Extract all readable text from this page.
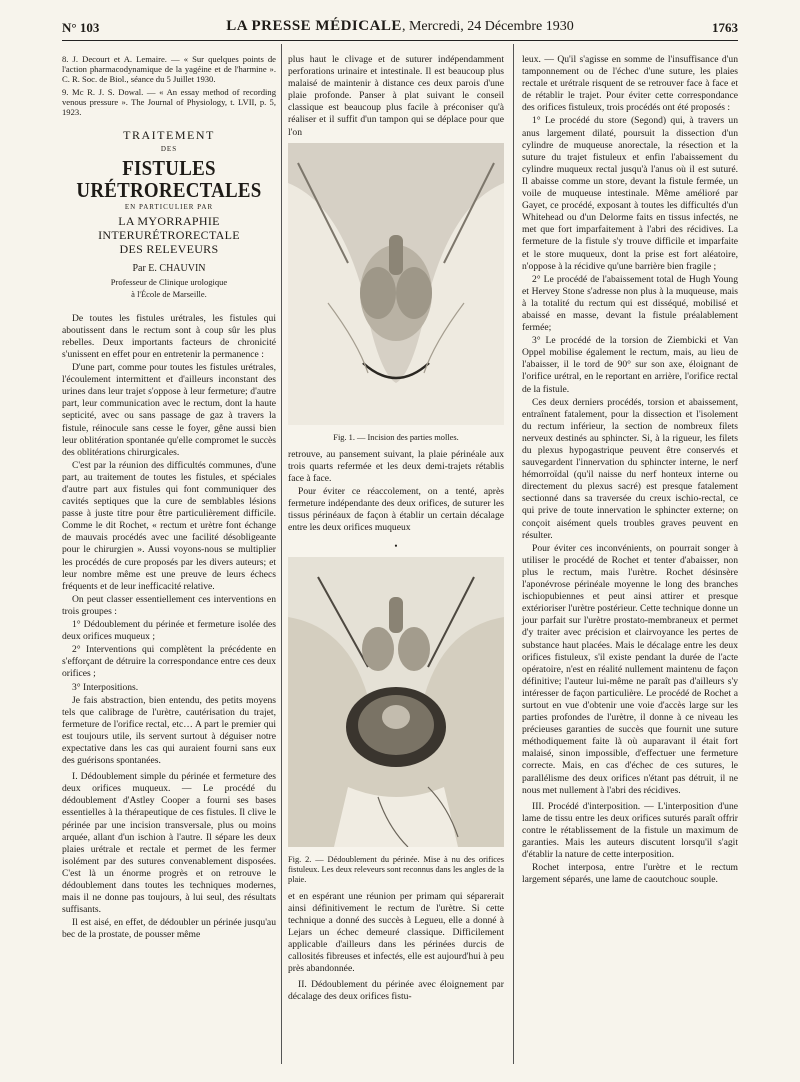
N° 103	LA PRESSE MÉDICALE, Mercredi, 24 Décembre 1930	1763

8. J. Decourt et A. Lemaire. — « Sur quelques points de l'action pharmacodynamique de la yagéine et de l'harmine ». C. R. Soc. de Biol., séance du 5 Juillet 1930.

9. Mc R. J. S. Dowal. — « An essay method of recording venous pressure ». The Journal of Physiology, t. LVII, p. 5, 1923.

TRAITEMENT
DES
FISTULES URÉTRORECTALES
EN PARTICULIER PAR
LA MYORRAPHIE INTERURÉTRORECTALE
DES RELEVEURS
Par E. CHAUVIN
Professeur de Clinique urologique
à l'École de Marseille.

De toutes les fistules urétrales, les fistules qui aboutissent dans le rectum sont à coup sûr les plus rebelles. Deux importants facteurs de chronicité s'unissent en effet pour en entretenir la permanence :

D'une part, comme pour toutes les fistules urétrales, l'écoulement intermittent et d'ailleurs inconstant des urines dans leur trajet s'oppose à leur fermeture; d'autre part, leur communication avec le rectum, dont la haute septicité, avec ou sans passage de gaz à travers la fistule, réinocule sans cesse le foyer, gêne aussi bien leur oblitération spontanée qu'elle compromet le succès des oblitérations chirurgicales.

C'est par la réunion des difficultés communes, d'une part, au traitement de toutes les fistules, et spéciales d'autre part aux fistules qui font communiquer des cavités septiques que la cure de semblables lésions passe à juste titre pour être particulièrement difficile. Comme le dit Rochet, « rectum et urètre font échange de mauvais procédés avec une facilité désobligeante pour le chirurgien ». Aussi voyons-nous se multiplier les procédés de cure proposés par les divers auteurs; et leur nombre même est une preuve de leurs échecs fréquents et de leur inefficacité relative.

On peut classer essentiellement ces interventions en trois groupes :

1° Dédoublement du périnée et fermeture isolée des deux orifices muqueux ;

2° Interventions qui complètent la précédente en s'efforçant de détruire la correspondance entre ces deux orifices ;

3° Interpositions.

Je fais abstraction, bien entendu, des petits moyens tels que calibrage de l'urètre, cautérisation du trajet, fermeture de l'orifice rectal, etc… A part le premier qui est toujours utile, ils servent surtout à déguiser notre expectative dans les cas qui auraient fourni sans eux des guérisons spontanées.

I. Dédoublement simple du périnée et fermeture des deux orifices muqueux. — Le procédé du dédoublement d'Astley Cooper a fourni ses bases essentielles à la thérapeutique de ces fistules. Il clive le périnée par une incision transversale, plus ou moins arquée, allant d'un ischion à l'autre. Il sépare les deux plaies urétrale et rectale et permet de les fermer isolément par des sutures convenablement disposées. C'est là un énorme progrès et on retrouve le dédoublement dans toutes les techniques modernes, mais il ne donne pas toujours, à lui seul, des résultats suffisants.

Il est aisé, en effet, de dédoubler un périnée jusqu'au bec de la prostate, de pousser même

plus haut le clivage et de suturer indépendamment perforations urinaire et intestinale. Il est beaucoup plus malaisé de maintenir à distance ces deux parois d'une plaie profonde. Panser à plat suivant le conseil classique est beaucoup plus facile à préconiser qu'à réaliser et il suffit d'un tampon qui se déplace pour que l'on

Fig. 1. — Incision des parties molles.

retrouve, au pansement suivant, la plaie périnéale aux trois quarts refermée et les deux demi-trajets rétablis face à face.

Pour éviter ce réaccolement, on a tenté, après fermeture indépendante des deux orifices, de suturer les tissus périnéaux de façon à établir un certain décalage entre les deux orifices muqueux

•

Fig. 2. — Dédoublement du périnée. Mise à nu des orifices fistuleux. Les deux releveurs sont reconnus dans les angles de la plaie.

et en espérant une réunion per primam qui séparerait ainsi définitivement le rectum de l'urètre. Si cette technique a donné des succès à Legueu, elle a donné à Lejars un échec demeuré classique. Difficilement applicable d'ailleurs dans les périnées durcis de callosités fibreuses et infectés, elle est aujourd'hui à peu près abandonnée.

II. Dédoublement du périnée avec éloignement par décalage des deux orifices fistu-

leux. — Qu'il s'agisse en somme de l'insuffisance d'un tamponnement ou de l'échec d'une suture, les plaies rectale et urétrale risquent de se retrouver face à face et de rétablir le trajet. Pour éviter cette correspondance des orifices fistuleux, trois procédés ont été proposés :

1° Le procédé du store (Segond) qui, à travers un anus largement dilaté, poursuit la dissection d'un cylindre de muqueuse anorectale, la résection et la suture du trajet fistuleux et enfin l'abaissement du cylindre muqueux rectal jusqu'à l'anus où il est suturé. Il abaisse comme un store, devant la fistule fermée, un voile de muqueuse intestinale. Même amélioré par Gayet, ce procédé, exposant à toutes les difficultés d'un Whitehead ou d'un Delorme faits en tissus infectés, ne met que fort imparfaitement à l'abri des récidives. La fermeture de la fistule s'y trouve difficile et imparfaite et le store muqueux, dont la prise est fort aléatoire, n'oppose à la récidive qu'une barrière bien fragile ;

2° Le procédé de l'abaissement total de Hugh Young et Hervey Stone s'adresse non plus à la muqueuse, mais à la totalité du rectum qui est disséqué, mobilisé et abaissé en masse, devant la fistule préalablement fermée;

3° Le procédé de la torsion de Ziembicki et Van Oppel mobilise également le rectum, mais, au lieu de l'abaisser, il le tord de 90° sur son axe, éloignant de l'orifice urétral, en le reportant en arrière, l'orifice rectal de la fistule.

Ces deux derniers procédés, torsion et abaissement, entraînent fatalement, pour la dissection et l'isolement du rectum inférieur, la section de nombreux filets nerveux destinés au sphincter. Si, à la rigueur, les filets du plexus hypogastrique peuvent être conservés et sauvegardent l'innervation du sphincter interne, le nerf hémorroïdal (qu'il naisse du nerf honteux interne ou directement du plexus sacré) est presque fatalement sectionné dans sa traversée du creux ischio-rectal, ce qui prive de toute innervation le sphincter externe; on conçoit aisément quels troubles graves peuvent en résulter.

Pour éviter ces inconvénients, on pourrait songer à utiliser le procédé de Rochet et tenter d'abaisser, non plus le rectum, mais l'urètre. Rochet désinsère l'aponévrose périnéale moyenne le long des branches ischiopubiennes et peut ainsi attirer et presque extérioriser l'urètre postérieur. Cette technique donne un jour parfait sur l'urètre prostato-membraneux et permet d'y traiter avec précision et clairvoyance les pertes de substance haut placées. Mais le décalage entre les deux orifices fistuleux, s'il existe pendant la durée de l'acte opératoire, n'est en réalité nullement maintenu de façon définitive; l'auteur lui-même ne paraît pas d'ailleurs s'y intéresser de façon particulière. Le procédé de Rochet a surtout en vue d'obtenir une voie d'accès large sur les parties profondes de l'urètre, il donne à ce niveau les précieuses garanties de succès que fournit une suture méthodiquement faite là où auparavant il était fort malaisé, sinon impossible, d'effectuer une fermeture correcte. Mais, en cas d'échec de ces sutures, le parallélisme des deux orifices n'étant pas détruit, il ne nous met nullement à l'abri des récidives.

III. Procédé d'interposition. — L'interposition d'une lame de tissu entre les deux orifices suturés paraît offrir contre le rétablissement de la fistule un maximum de garanties. Mais les auteurs discutent lorsqu'il s'agit d'établir la nature de cette interposition.

Rochet interposa, entre l'urètre et le rectum largement séparés, une lame de caoutchouc souple.
